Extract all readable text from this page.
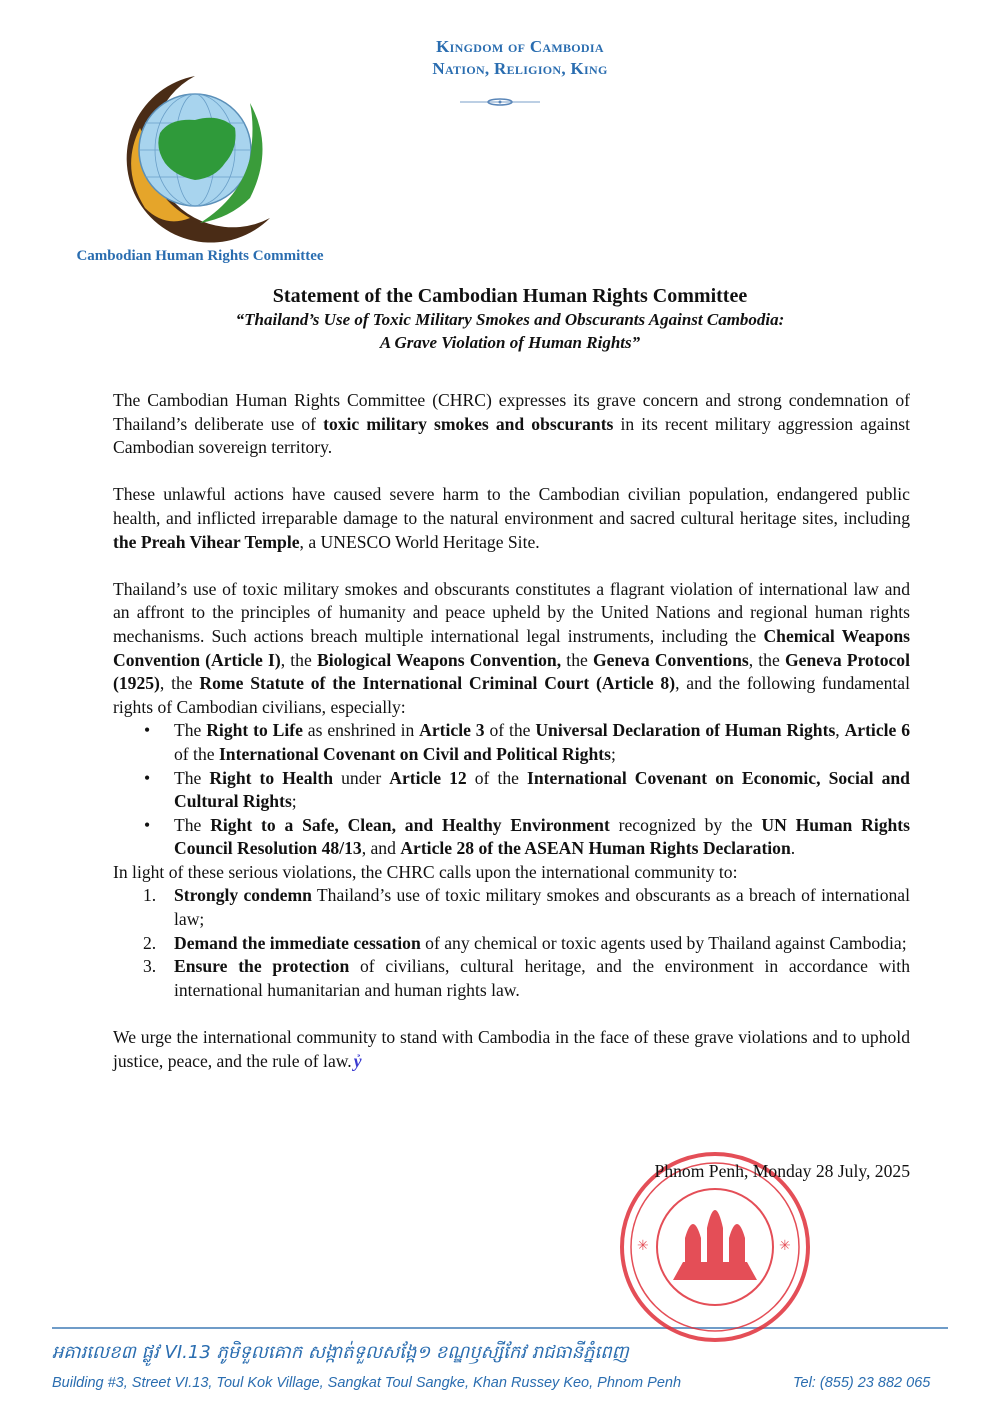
Kingdom of Cambodia
Nation, Religion, King
Cambodian Human Rights Committee
Statement of the Cambodian Human Rights Committee
“Thailand’s Use of Toxic Military Smokes and Obscurants Against Cambodia:
A Grave Violation of Human Rights”

The Cambodian Human Rights Committee (CHRC) expresses its grave concern and strong condemnation of Thailand’s deliberate use of toxic military smokes and obscurants in its recent military aggression against Cambodian sovereign territory.

These unlawful actions have caused severe harm to the Cambodian civilian population, endangered public health, and inflicted irreparable damage to the natural environment and sacred cultural heritage sites, including the Preah Vihear Temple, a UNESCO World Heritage Site.

Thailand’s use of toxic military smokes and obscurants constitutes a flagrant violation of international law and an affront to the principles of humanity and peace upheld by the United Nations and regional human rights mechanisms. Such actions breach multiple international legal instruments, including the Chemical Weapons Convention (Article I), the Biological Weapons Convention, the Geneva Conventions, the Geneva Protocol (1925), the Rome Statute of the International Criminal Court (Article 8), and the following fundamental rights of Cambodian civilians, especially:

• The Right to Life as enshrined in Article 3 of the Universal Declaration of Human Rights, Article 6 of the International Covenant on Civil and Political Rights;
• The Right to Health under Article 12 of the International Covenant on Economic, Social and Cultural Rights;
• The Right to a Safe, Clean, and Healthy Environment recognized by the UN Human Rights Council Resolution 48/13, and Article 28 of the ASEAN Human Rights Declaration.

In light of these serious violations, the CHRC calls upon the international community to:

1. Strongly condemn Thailand’s use of toxic military smokes and obscurants as a breach of international law;
2. Demand the immediate cessation of any chemical or toxic agents used by Thailand against Cambodia;
3. Ensure the protection of civilians, cultural heritage, and the environment in accordance with international humanitarian and human rights law.

We urge the international community to stand with Cambodia in the face of these grave violations and to uphold justice, peace, and the rule of law. ỷ

Phnom Penh, Monday 28 July, 2025
✳	✳
អគារលេខ៣ ផ្លូវ VI.13 ភូមិទួលគោក សង្កាត់ទួលសង្កែ១ ខណ្ឌឫស្សីកែវ រាជធានីភ្នំពេញ
Building #3, Street VI.13, Toul Kok Village, Sangkat Toul Sangke, Khan Russey Keo, Phnom Penh	Tel: (855) 23 882 065
